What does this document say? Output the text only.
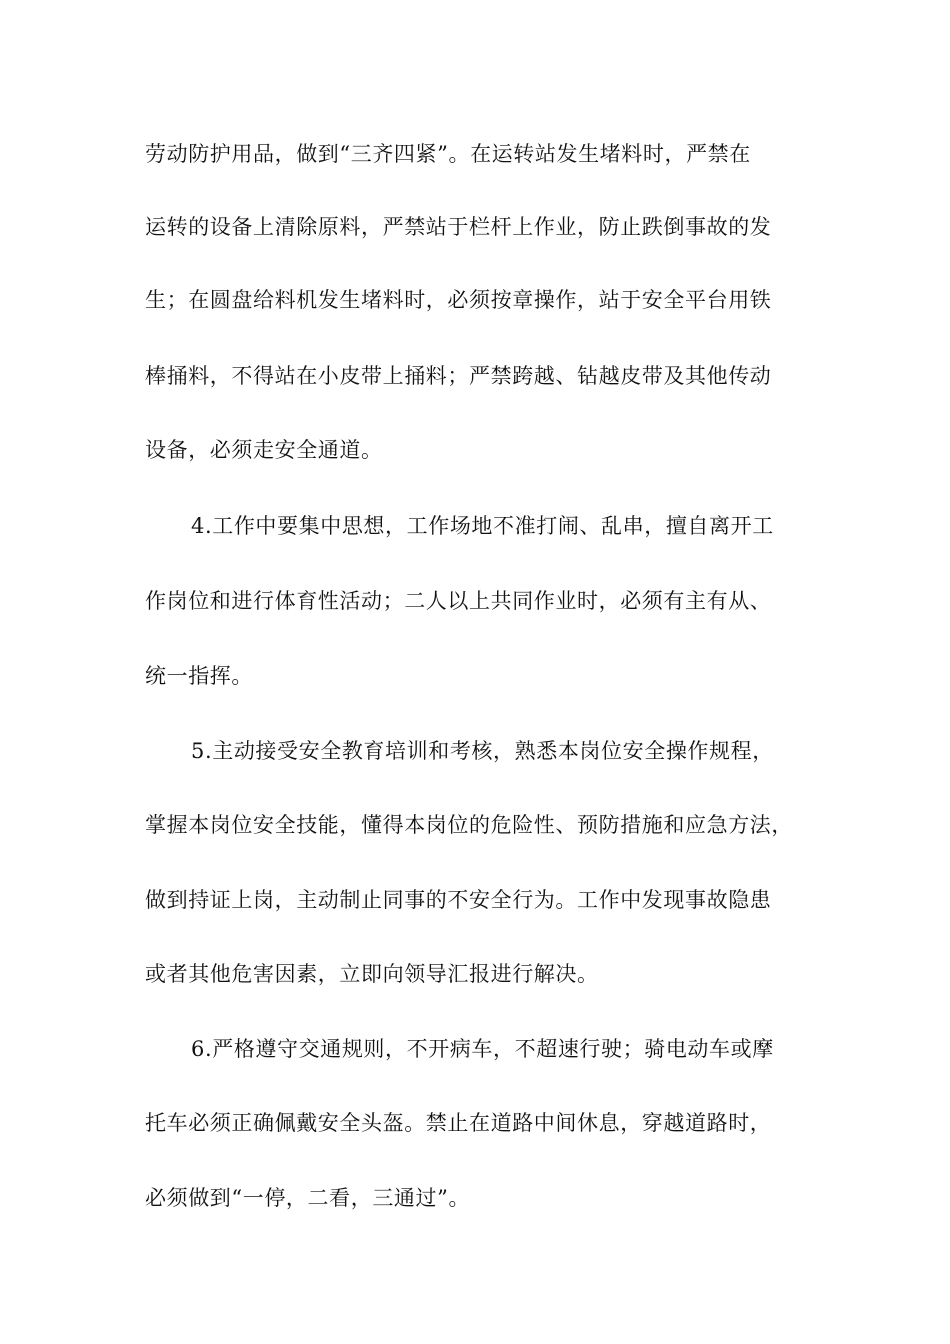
劳动防护用品，做到“三齐四紧”。在运转站发生堵料时，严禁在
运转的设备上清除原料，严禁站于栏杆上作业，防止跌倒事故的发
生；在圆盘给料机发生堵料时，必须按章操作，站于安全平台用铁
棒捅料，不得站在小皮带上捅料；严禁跨越、钻越皮带及其他传动
设备，必须走安全通道。
4.工作中要集中思想，工作场地不准打闹、乱串，擅自离开工
作岗位和进行体育性活动；二人以上共同作业时，必须有主有从、
统一指挥。
5.主动接受安全教育培训和考核，熟悉本岗位安全操作规程，
掌握本岗位安全技能，懂得本岗位的危险性、预防措施和应急方法，
做到持证上岗，主动制止同事的不安全行为。工作中发现事故隐患
或者其他危害因素，立即向领导汇报进行解决。
6.严格遵守交通规则，不开病车，不超速行驶；骑电动车或摩
托车必须正确佩戴安全头盔。禁止在道路中间休息，穿越道路时，
必须做到“一停，二看，三通过”。
